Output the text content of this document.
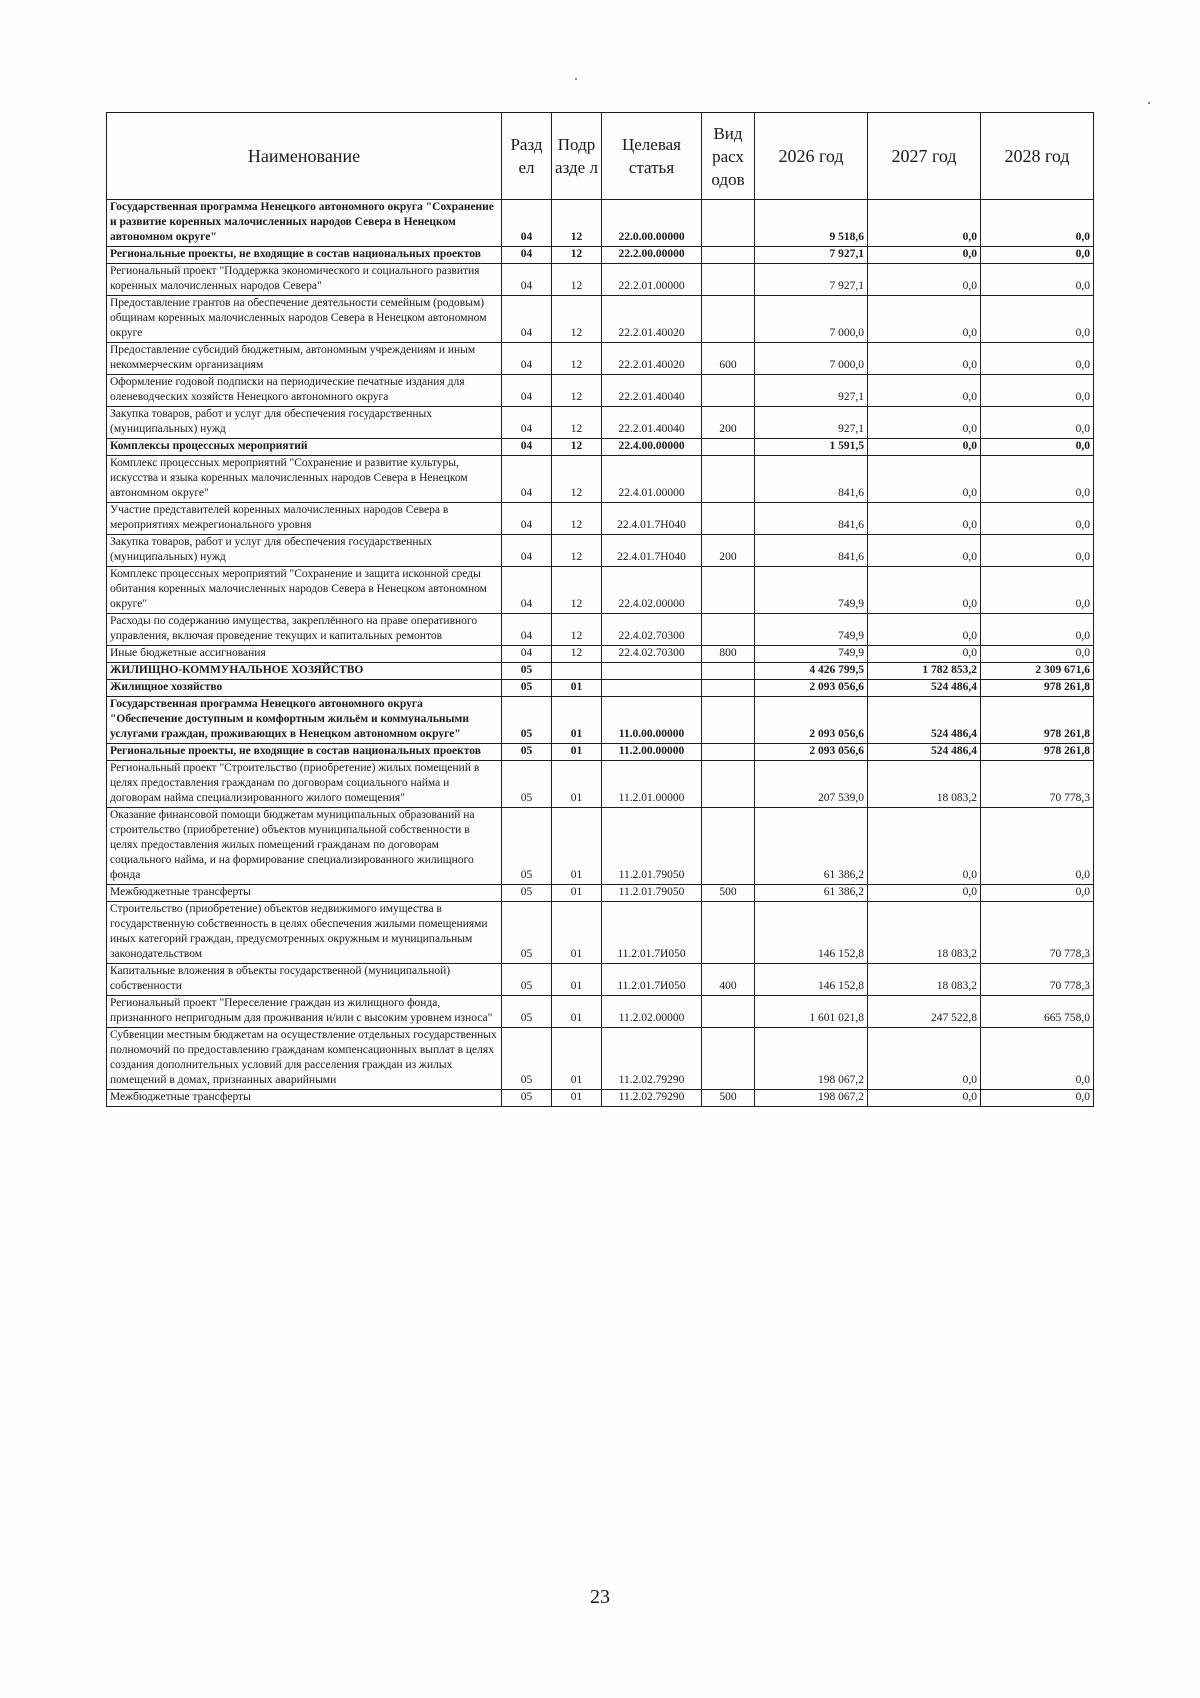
Наименование	Разд ел	Подр азде л	Целевая статья	Вид расх одов	2026 год	2027 год	2028 год
Государственная программа Ненецкого автономного округа "Сохранение и развитие коренных малочисленных народов Севера в Ненецком автономном округе"	04	12	22.0.00.00000		9 518,6	0,0	0,0
Региональные проекты, не входящие в состав национальных проектов	04	12	22.2.00.00000		7 927,1	0,0	0,0
Региональный проект "Поддержка экономического и социального развития коренных малочисленных народов Севера"	04	12	22.2.01.00000		7 927,1	0,0	0,0
Предоставление грантов на обеспечение деятельности семейным (родовым) общинам коренных малочисленных народов Севера в Ненецком автономном округе	04	12	22.2.01.40020		7 000,0	0,0	0,0
Предоставление субсидий бюджетным, автономным учреждениям и иным некоммерческим организациям	04	12	22.2.01.40020	600	7 000,0	0,0	0,0
Оформление годовой подписки на периодические печатные издания для оленеводческих хозяйств Ненецкого автономного округа	04	12	22.2.01.40040		927,1	0,0	0,0
Закупка товаров, работ и услуг для обеспечения государственных (муниципальных) нужд	04	12	22.2.01.40040	200	927,1	0,0	0,0
Комплексы процессных мероприятий	04	12	22.4.00.00000		1 591,5	0,0	0,0
Комплекс процессных мероприятий "Сохранение и развитие культуры, искусства и языка коренных малочисленных народов Севера в Ненецком автономном округе"	04	12	22.4.01.00000		841,6	0,0	0,0
Участие представителей коренных малочисленных народов Севера в мероприятиях межрегионального уровня	04	12	22.4.01.7Н040		841,6	0,0	0,0
Закупка товаров, работ и услуг для обеспечения государственных (муниципальных) нужд	04	12	22.4.01.7Н040	200	841,6	0,0	0,0
Комплекс процессных мероприятий "Сохранение и защита исконной среды обитания коренных малочисленных народов Севера в Ненецком автономном округе"	04	12	22.4.02.00000		749,9	0,0	0,0
Расходы по содержанию имущества, закреплённого на праве оперативного управления, включая проведение текущих и капитальных ремонтов	04	12	22.4.02.70300		749,9	0,0	0,0
Иные бюджетные ассигнования	04	12	22.4.02.70300	800	749,9	0,0	0,0
ЖИЛИЩНО-КОММУНАЛЬНОЕ ХОЗЯЙСТВО	05				4 426 799,5	1 782 853,2	2 309 671,6
Жилищное хозяйство	05	01			2 093 056,6	524 486,4	978 261,8
Государственная программа Ненецкого автономного округа "Обеспечение доступным и комфортным жильём и коммунальными услугами граждан, проживающих в Ненецком автономном округе"	05	01	11.0.00.00000		2 093 056,6	524 486,4	978 261,8
Региональные проекты, не входящие в состав национальных проектов	05	01	11.2.00.00000		2 093 056,6	524 486,4	978 261,8
Региональный проект "Строительство (приобретение) жилых помещений в целях предоставления гражданам по договорам социального найма и договорам найма специализированного жилого помещения"	05	01	11.2.01.00000		207 539,0	18 083,2	70 778,3
Оказание финансовой помощи бюджетам муниципальных образований на строительство (приобретение) объектов муниципальной собственности в целях предоставления жилых помещений гражданам по договорам социального найма, и на формирование специализированного жилищного фонда	05	01	11.2.01.79050		61 386,2	0,0	0,0
Межбюджетные трансферты	05	01	11.2.01.79050	500	61 386,2	0,0	0,0
Строительство (приобретение) объектов недвижимого имущества в государственную собственность в целях обеспечения жилыми помещениями иных категорий граждан, предусмотренных окружным и муниципальным законодательством	05	01	11.2.01.7И050		146 152,8	18 083,2	70 778,3
Капитальные вложения в объекты государственной (муниципальной) собственности	05	01	11.2.01.7И050	400	146 152,8	18 083,2	70 778,3
Региональный проект "Переселение граждан из жилищного фонда, признанного непригодным для проживания и/или с высоким уровнем износа"	05	01	11.2.02.00000		1 601 021,8	247 522,8	665 758,0
Субвенции местным бюджетам на осуществление отдельных государственных полномочий по предоставлению гражданам компенсационных выплат в целях создания дополнительных условий для расселения граждан из жилых помещений в домах, признанных аварийными	05	01	11.2.02.79290		198 067,2	0,0	0,0
Межбюджетные трансферты	05	01	11.2.02.79290	500	198 067,2	0,0	0,0
23
